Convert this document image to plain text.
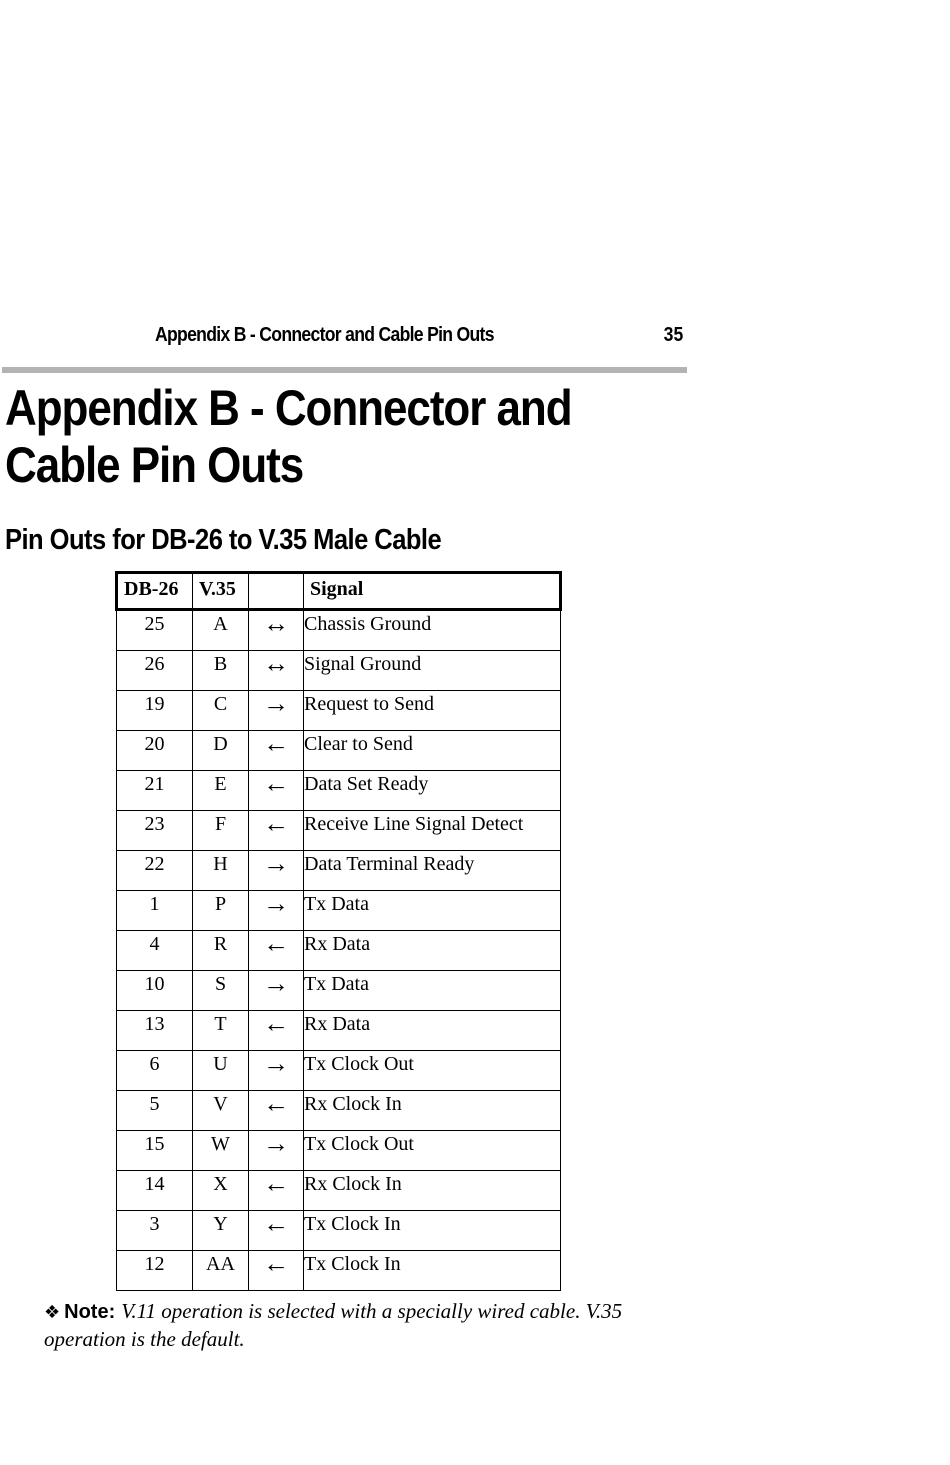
Appendix B - Connector and Cable Pin Outs	35
Appendix B - Connector and Cable Pin Outs
Pin Outs for DB-26 to V.35 Male Cable
DB-26	V.35		Signal
25	A	↔	Chassis Ground
26	B	↔	Signal Ground
19	C	→	Request to Send
20	D	←	Clear to Send
21	E	←	Data Set Ready
23	F	←	Receive Line Signal Detect
22	H	→	Data Terminal Ready
1	P	→	Tx Data
4	R	←	Rx Data
10	S	→	Tx Data
13	T	←	Rx Data
6	U	→	Tx Clock Out
5	V	←	Rx Clock In
15	W	→	Tx Clock Out
14	X	←	Rx Clock In
3	Y	←	Tx Clock In
12	AA	←	Tx Clock In
❖ Note: V.11 operation is selected with a specially wired cable. V.35 operation is the default.
